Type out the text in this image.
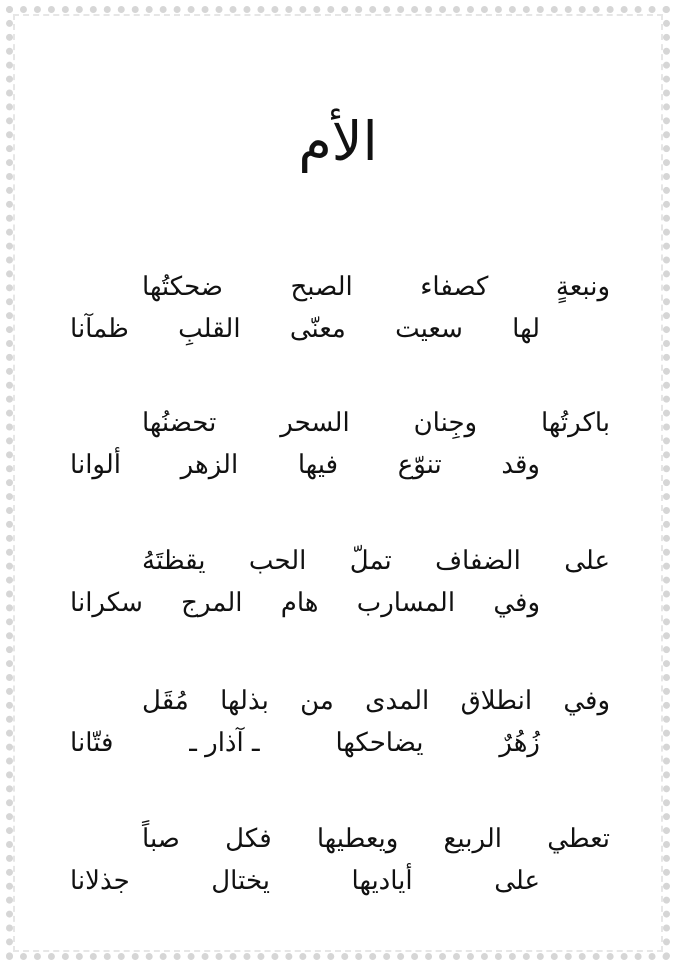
الأم
ونبعةٍ
كصفاء
الصبح
ضحكتُها
لها
سعيت
معنّى
القلبِ
ظمآنا
باكرتُها
وجِنان
السحر
تحضنُها
وقد
تنوّع
فيها
الزهر
ألوانا
على
الضفاف
تملّ
الحب
يقظتَهُ
وفي
المسارب
هام
المرج
سكرانا
وفي
انطلاق
المدى
من
بذلها
مُقَل
زُهُرٌ
يضاحكها
ـ آذار ـ
فتّانا
تعطي
الربيع
ويعطيها
فكل
صباً
على
أياديها
يختال
جذلانا
